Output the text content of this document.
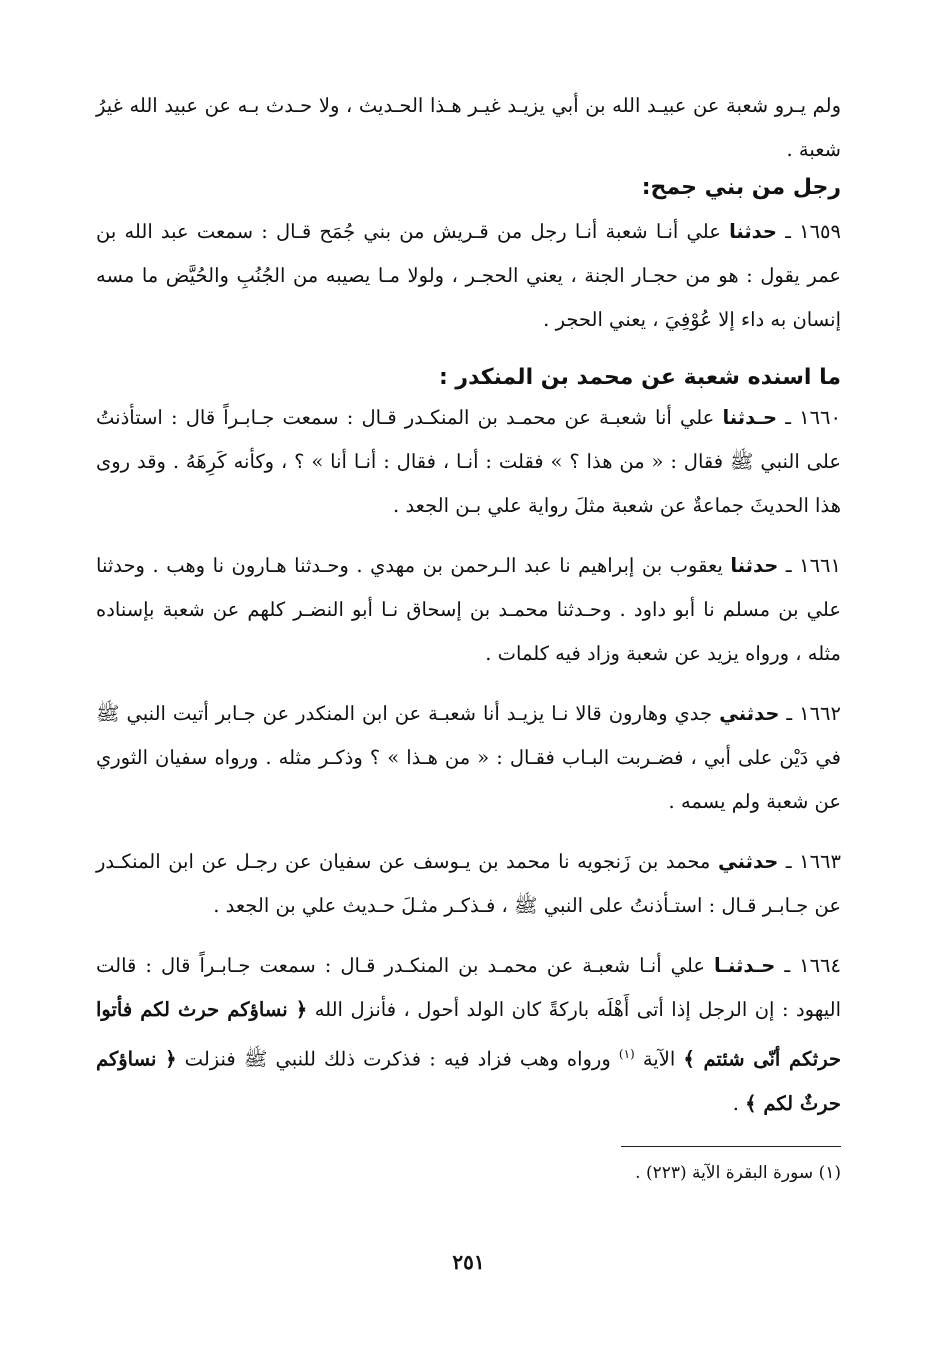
ولم يـرو شعبة عن عبيـد الله بن أبي يزيـد غيـر هـذا الحـديث ، ولا حـدث بـه عن عبيد الله غيرُ شعبة .

رجل من بني جمح:

١٦٥٩ ـ حدثنا علي أنـا شعبة أنـا رجل من قـريش من بني جُمَح قـال : سمعت عبد الله بن عمر يقول : هو من حجـار الجنة ، يعني الحجـر ، ولولا مـا يصيبه من الجُنُبِ والحُيَّض ما مسه إنسان به داء إلا عُوْفِيَ ، يعني الحجر .

ما اسنده شعبة عن محمد بن المنكدر :

١٦٦٠ ـ حـدثنا علي أنا شعبـة عن محمـد بن المنكـدر قـال : سمعت جـابـراً قال : استأذنتُ على النبي ﷺ فقال : « من هذا ؟ » فقلت : أنـا ، فقال : أنـا أنا » ؟ ، وكأنه كَرِهَهُ . وقد روى هذا الحديثَ جماعةٌ عن شعبة مثلَ رواية علي بـن الجعد .

١٦٦١ ـ حدثنا يعقوب بن إبراهيم نا عبد الـرحمن بن مهدي . وحـدثنا هـارون نا وهب . وحدثنا علي بن مسلم نا أبو داود . وحـدثنا محمـد بن إسحاق نـا أبو النضـر كلهم عن شعبة بإسناده مثله ، ورواه يزيد عن شعبة وزاد فيه كلمات .

١٦٦٢ ـ حدثني جدي وهارون قالا نـا يزيـد أنا شعبـة عن ابن المنكدر عن جـابر أتيت النبي ﷺ في دَيْن على أبي ، فضـربت البـاب فقـال : « من هـذا » ؟ وذكـر مثله . ورواه سفيان الثوري عن شعبة ولم يسمه .

١٦٦٣ ـ حدثني محمد بن زَنجويه نا محمد بن يـوسف عن سفيان عن رجـل عن ابن المنكـدر عن جـابـر قـال : استـأذنتُ على النبي ﷺ ، فـذكـر مثـلَ حـديث علي بن الجعد .

١٦٦٤ ـ حـدثنـا علي أنـا شعبـة عن محمـد بن المنكـدر قـال : سمعت جـابـراً قال : قالت اليهود : إن الرجل إذا أتى أَهْلَه باركةً كان الولد أحول ، فأنزل الله ﴿ نساؤكم حرث لكم فأتوا حرثكم أنّى شئتم ﴾ الآية $^{(١)}$ ورواه وهب فزاد فيه : فذكرت ذلك للنبي ﷺ فنزلت ﴿ نساؤكم حرثٌ لكم ﴾ .

(١) سورة البقرة الآية (٢٢٣) .

٢٥١
